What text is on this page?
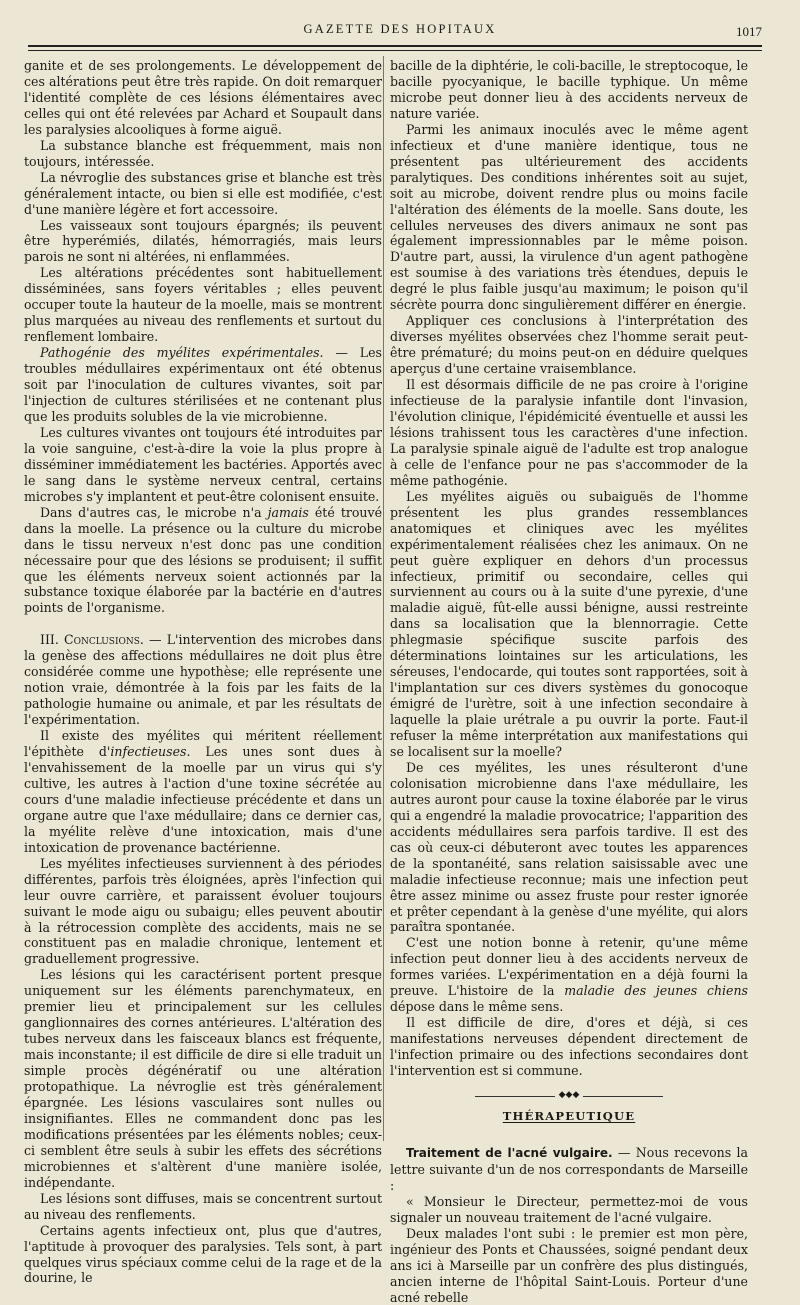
GAZETTE DES HOPITAUX	1017

ganite et de ses prolongements. Le développement de ces altérations peut être très rapide. On doit remarquer l'identité complète de ces lésions élémentaires avec celles qui ont été relevées par Achard et Soupault dans les paralysies alcooliques à forme aiguë.

La substance blanche est fréquemment, mais non toujours, intéressée.

La névroglie des substances grise et blanche est très généralement intacte, ou bien si elle est modifiée, c'est d'une manière légère et fort accessoire.

Les vaisseaux sont toujours épargnés; ils peuvent être hyperémiés, dilatés, hémorragiés, mais leurs parois ne sont ni altérées, ni enflammées.

Les altérations précédentes sont habituellement disséminées, sans foyers véritables ; elles peuvent occuper toute la hauteur de la moelle, mais se montrent plus marquées au niveau des renflements et surtout du renflement lombaire.

Pathogénie des myélites expérimentales. — Les troubles médullaires expérimentaux ont été obtenus soit par l'inoculation de cultures vivantes, soit par l'injection de cultures stérilisées et ne contenant plus que les produits solubles de la vie microbienne.

Les cultures vivantes ont toujours été introduites par la voie sanguine, c'est-à-dire la voie la plus propre à disséminer immédiatement les bactéries. Apportés avec le sang dans le système nerveux central, certains microbes s'y implantent et peut-être colonisent ensuite.

Dans d'autres cas, le microbe n'a jamais été trouvé dans la moelle. La présence ou la culture du microbe dans le tissu nerveux n'est donc pas une condition nécessaire pour que des lésions se produisent; il suffit que les éléments nerveux soient actionnés par la substance toxique élaborée par la bactérie en d'autres points de l'organisme.

III. Conclusions. — L'intervention des microbes dans la genèse des affections médullaires ne doit plus être considérée comme une hypothèse; elle représente une notion vraie, démontrée à la fois par les faits de la pathologie humaine ou animale, et par les résultats de l'expérimentation.

Il existe des myélites qui méritent réellement l'épithète d'infectieuses. Les unes sont dues à l'envahissement de la moelle par un virus qui s'y cultive, les autres à l'action d'une toxine sécrétée au cours d'une maladie infectieuse précédente et dans un organe autre que l'axe médullaire; dans ce dernier cas, la myélite relève d'une intoxication, mais d'une intoxication de provenance bactérienne.

Les myélites infectieuses surviennent à des périodes différentes, parfois très éloignées, après l'infection qui leur ouvre carrière, et paraissent évoluer toujours suivant le mode aigu ou subaigu; elles peuvent aboutir à la rétrocession complète des accidents, mais ne se constituent pas en maladie chronique, lentement et graduellement progressive.

Les lésions qui les caractérisent portent presque uniquement sur les éléments parenchymateux, en premier lieu et principalement sur les cellules ganglionnaires des cornes antérieures. L'altération des tubes nerveux dans les faisceaux blancs est fréquente, mais inconstante; il est difficile de dire si elle traduit un simple procès dégénératif ou une altération protopathique. La névroglie est très généralement épargnée. Les lésions vasculaires sont nulles ou insignifiantes. Elles ne commandent donc pas les modifications présentées par les éléments nobles; ceux-ci semblent être seuls à subir les effets des sécrétions microbiennes et s'altèrent d'une manière isolée, indépendante.

Les lésions sont diffuses, mais se concentrent surtout au niveau des renflements.

Certains agents infectieux ont, plus que d'autres, l'aptitude à provoquer des paralysies. Tels sont, à part quelques virus spéciaux comme celui de la rage et de la dourine, le

bacille de la diphtérie, le coli-bacille, le streptocoque, le bacille pyocyanique, le bacille typhique. Un même microbe peut donner lieu à des accidents nerveux de nature variée.

Parmi les animaux inoculés avec le même agent infectieux et d'une manière identique, tous ne présentent pas ultérieurement des accidents paralytiques. Des conditions inhérentes soit au sujet, soit au microbe, doivent rendre plus ou moins facile l'altération des éléments de la moelle. Sans doute, les cellules nerveuses des divers animaux ne sont pas également impressionnables par le même poison. D'autre part, aussi, la virulence d'un agent pathogène est soumise à des variations très étendues, depuis le degré le plus faible jusqu'au maximum; le poison qu'il sécrète pourra donc singulièrement différer en énergie.

Appliquer ces conclusions à l'interprétation des diverses myélites observées chez l'homme serait peut-être prématuré; du moins peut-on en déduire quelques aperçus d'une certaine vraisemblance.

Il est désormais difficile de ne pas croire à l'origine infectieuse de la paralysie infantile dont l'invasion, l'évolution clinique, l'épidémicité éventuelle et aussi les lésions trahissent tous les caractères d'une infection. La paralysie spinale aiguë de l'adulte est trop analogue à celle de l'enfance pour ne pas s'accommoder de la même pathogénie.

Les myélites aiguës ou subaiguës de l'homme présentent les plus grandes ressemblances anatomiques et cliniques avec les myélites expérimentalement réalisées chez les animaux. On ne peut guère expliquer en dehors d'un processus infectieux, primitif ou secondaire, celles qui surviennent au cours ou à la suite d'une pyrexie, d'une maladie aiguë, fût-elle aussi bénigne, aussi restreinte dans sa localisation que la blennorragie. Cette phlegmasie spécifique suscite parfois des déterminations lointaines sur les articulations, les séreuses, l'endocarde, qui toutes sont rapportées, soit à l'implantation sur ces divers systèmes du gonocoque émigré de l'urètre, soit à une infection secondaire à laquelle la plaie urétrale a pu ouvrir la porte. Faut-il refuser la même interprétation aux manifestations qui se localisent sur la moelle?

De ces myélites, les unes résulteront d'une colonisation microbienne dans l'axe médullaire, les autres auront pour cause la toxine élaborée par le virus qui a engendré la maladie provocatrice; l'apparition des accidents médullaires sera parfois tardive. Il est des cas où ceux-ci débuteront avec toutes les apparences de la spontanéité, sans relation saisissable avec une maladie infectieuse reconnue; mais une infection peut être assez minime ou assez fruste pour rester ignorée et prêter cependant à la genèse d'une myélite, qui alors paraîtra spontanée.

C'est une notion bonne à retenir, qu'une même infection peut donner lieu à des accidents nerveux de formes variées. L'expérimentation en a déjà fourni la preuve. L'histoire de la maladie des jeunes chiens dépose dans le même sens.

Il est difficile de dire, d'ores et déjà, si ces manifestations nerveuses dépendent directement de l'infection primaire ou des infections secondaires dont l'intervention est si commune.

◆◆◆
THÉRAPEUTIQUE

Traitement de l'acné vulgaire. — Nous recevons la lettre suivante d'un de nos correspondants de Marseille :

« Monsieur le Directeur, permettez-moi de vous signaler un nouveau traitement de l'acné vulgaire.

Deux malades l'ont subi : le premier est mon père, ingénieur des Ponts et Chaussées, soigné pendant deux ans ici à Marseille par un confrère des plus distingués, ancien interne de l'hôpital Saint-Louis. Porteur d'une acné rebelle
